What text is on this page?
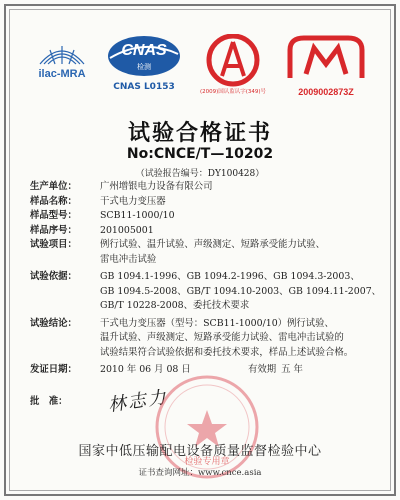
ilac-MRA
CNAS
检测
CNAS L0153	(2009)国认监认字(349)号	2009002873Z
试验合格证书
No:CNCE/T—10202
（试验报告编号：DY100428）
生产单位：	广州增银电力设备有限公司
样品名称：	干式电力变压器
样品型号：	SCB11-1000/10
样品序号：	201005001
试验项目：	例行试验、温升试验、声级测定、短路承受能力试验、
雷电冲击试验
试验依据：	GB 1094.1-1996、GB 1094.2-1996、GB 1094.3-2003、
GB 1094.5-2008、GB/T 1094.10-2003、GB 1094.11-2007、
GB/T 10228-2008、委托技术要求
试验结论：	干式电力变压器（型号：SCB11-1000/10）例行试验、
温升试验、声级测定、短路承受能力试验、雷电冲击试验的
试验结果符合试验依据和委托技术要求，样品上述试验合格。
发证日期：	2010 年 06 月 08 日	有效期 五 年
批　准：	林志力
检验专用章
国家中低压输配电设备质量监督检验中心
证书查询网址：www.cnce.asia
